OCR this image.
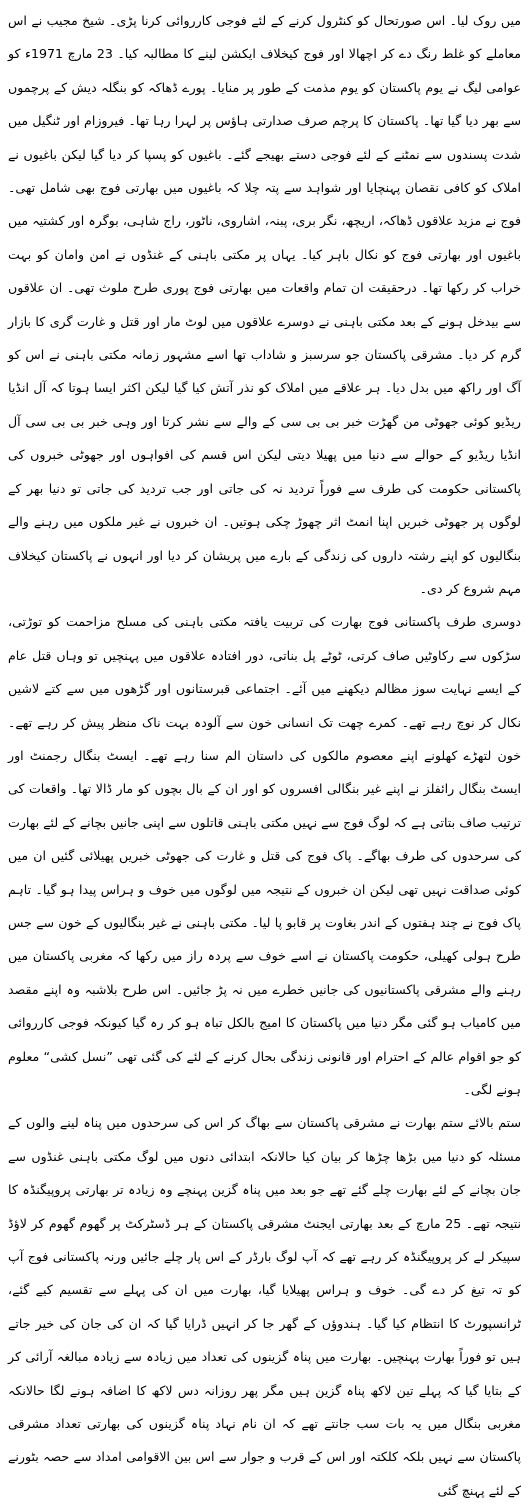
میں روک لیا۔ اس صورتحال کو کنٹرول کرنے کے لئے فوجی کارروائی کرنا پڑی۔ شیخ مجیب نے اس معاملے کو غلط رنگ دے کر اچھالا اور فوج کیخلاف ایکشن لینے کا مطالبہ کیا۔ 23 مارچ 1971ء کو عوامی لیگ نے یوم پاکستان کو یوم مذمت کے طور پر منایا۔ پورے ڈھاکہ کو بنگلہ دیش کے پرچموں سے بھر دیا گیا تھا۔ پاکستان کا پرچم صرف صدارتی ہاؤس پر لہرا رہا تھا۔ فیروزام اور ٹنگیل میں شدت پسندوں سے نمٹنے کے لئے فوجی دستے بھیجے گئے۔ باغیوں کو پسپا کر دیا گیا لیکن باغیوں نے املاک کو کافی نقصان پہنچایا اور شواہد سے پتہ چلا کہ باغیوں میں بھارتی فوج بھی شامل تھی۔ فوج نے مزید علاقوں ڈھاکہ، اریچھ، نگر بری، پبنہ، اشاروی، ناٹور، راج شاہی، بوگرہ اور کشتیہ میں باغیوں اور بھارتی فوج کو نکال باہر کیا۔ یہاں پر مکتی باہنی کے غنڈوں نے امن وامان کو بہت خراب کر رکھا تھا۔ درحقیقت ان تمام واقعات میں بھارتی فوج پوری طرح ملوث تھی۔ ان علاقوں سے بیدخل ہونے کے بعد مکتی باہنی نے دوسرے علاقوں میں لوٹ مار اور قتل و غارت گری کا بازار گرم کر دیا۔ مشرقی پاکستان جو سرسبز و شاداب تھا اسے مشہور زمانہ مکتی باہنی نے اس کو آگ اور راکھ میں بدل دیا۔ ہر علاقے میں املاک کو نذر آتش کیا گیا لیکن اکثر ایسا ہوتا کہ آل انڈیا ریڈیو کوئی جھوٹی من گھڑت خبر بی بی سی کے والے سے نشر کرتا اور وہی خبر بی بی سی آل انڈیا ریڈیو کے حوالے سے دنیا میں پھیلا دیتی لیکن اس قسم کی افواہوں اور جھوٹی خبروں کی پاکستانی حکومت کی طرف سے فوراً تردید نہ کی جاتی اور جب تردید کی جاتی تو دنیا بھر کے لوگوں پر جھوٹی خبریں اپنا انمٹ اثر چھوڑ چکی ہوتیں۔ ان خبروں نے غیر ملکوں میں رہنے والے بنگالیوں کو اپنے رشتہ داروں کی زندگی کے بارے میں پریشان کر دیا اور انہوں نے پاکستان کیخلاف مہم شروع کر دی۔

دوسری طرف پاکستانی فوج بھارت کی تربیت یافتہ مکتی باہنی کی مسلح مزاحمت کو توڑتی، سڑکوں سے رکاوٹیں صاف کرتی، ٹوٹے پل بناتی، دور افتادہ علاقوں میں پہنچیں تو وہاں قتل عام کے ایسے نہایت سوز مظالم دیکھنے میں آئے۔ اجتماعی قبرستانوں اور گڑھوں میں سے کتے لاشیں نکال کر نوچ رہے تھے۔ کمرے چھت تک انسانی خون سے آلودہ بہت ناک منظر پیش کر رہے تھے۔ خون لتھڑے کھلونے اپنے معصوم مالکوں کی داستان الم سنا رہے تھے۔ ایسٹ بنگال رجمنٹ اور ایسٹ بنگال رائفلز نے اپنے غیر بنگالی افسروں کو اور ان کے بال بچوں کو مار ڈالا تھا۔ واقعات کی ترتیب صاف بتاتی ہے کہ لوگ فوج سے نہیں مکتی باہنی قاتلوں سے اپنی جانیں بچانے کے لئے بھارت کی سرحدوں کی طرف بھاگے۔ پاک فوج کی قتل و غارت کی جھوٹی خبریں پھیلائی گئیں ان میں کوئی صداقت نہیں تھی لیکن ان خبروں کے نتیجہ میں لوگوں میں خوف و ہراس پیدا ہو گیا۔ تاہم پاک فوج نے چند ہفتوں کے اندر بغاوت پر قابو پا لیا۔ مکتی باہنی نے غیر بنگالیوں کے خون سے جس طرح ہولی کھیلی، حکومت پاکستان نے اسے خوف سے پردہ راز میں رکھا کہ مغربی پاکستان میں رہنے والے مشرقی پاکستانیوں کی جانیں خطرے میں نہ پڑ جائیں۔ اس طرح بلاشبہ وہ اپنے مقصد میں کامیاب ہو گئی مگر دنیا میں پاکستان کا امیج بالکل تباہ ہو کر رہ گیا کیونکہ فوجی کارروائی کو جو اقوام عالم کے احترام اور قانونی زندگی بحال کرنے کے لئے کی گئی تھی ”نسل کشی“ معلوم ہونے لگی۔

ستم بالائے ستم بھارت نے مشرقی پاکستان سے بھاگ کر اس کی سرحدوں میں پناہ لینے والوں کے مسئلہ کو دنیا میں بڑھا چڑھا کر بیان کیا حالانکہ ابتدائی دنوں میں لوگ مکتی باہنی غنڈوں سے جان بچانے کے لئے بھارت چلے گئے تھے جو بعد میں پناہ گزین پہنچے وہ زیادہ تر بھارتی پروپیگنڈہ کا نتیجہ تھے۔ 25 مارچ کے بعد بھارتی ایجنٹ مشرقی پاکستان کے ہر ڈسٹرکٹ پر گھوم گھوم کر لاؤڈ سپیکر لے کر پروپیگنڈہ کر رہے تھے کہ آپ لوگ بارڈر کے اس پار چلے جائیں ورنہ پاکستانی فوج آپ کو تہ تیغ کر دے گی۔ خوف و ہراس پھیلایا گیا، بھارت میں ان کی پہلے سے تقسیم کیے گئے، ٹرانسپورٹ کا انتظام کیا گیا۔ ہندوؤں کے گھر جا کر انہیں ڈرایا گیا کہ ان کی جان کی خیر جاتے ہیں تو فوراً بھارت پہنچیں۔ بھارت میں پناہ گزینوں کی تعداد میں زیادہ سے زیادہ مبالغہ آرائی کر کے بتایا گیا کہ پہلے تین لاکھ پناہ گزین ہیں مگر پھر روزانہ دس لاکھ کا اضافہ ہونے لگا حالانکہ مغربی بنگال میں یہ بات سب جانتے تھے کہ ان نام نہاد پناہ گزینوں کی بھارتی تعداد مشرقی پاکستان سے نہیں بلکہ کلکتہ اور اس کے قرب و جوار سے اس بین الاقوامی امداد سے حصہ بٹورنے کے لئے پہنچ گئی
